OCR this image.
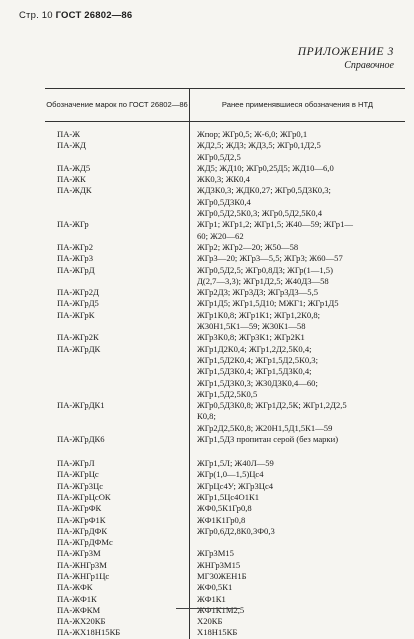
Стр. 10 ГОСТ 26802—86
ПРИЛОЖЕНИЕ 3
Справочное
Обозначение марок по ГОСТ 26802—86	Ранее применявшиеся обозначения в НТД
ПА-Ж	Жпор; ЖГр0,5; Ж-6,0; ЖГр0,1
ПА-ЖД	ЖД2,5; ЖД3; ЖД3,5; ЖГр0,1Д2,5
	ЖГр0,5Д2,5
ПА-ЖД5	ЖД5; ЖД10; ЖГр0,25Д5; ЖД10—6,0
ПА-ЖК	ЖК0,3; ЖК0,4
ПА-ЖДК	ЖД3К0,3; ЖДК0,27; ЖГр0,5Д3К0,3;
	ЖГр0,5Д3К0,4
	ЖГр0,5Д2,5К0,3; ЖГр0,5Д2,5К0,4
ПА-ЖГр	ЖГр1; ЖГр1,2; ЖГр1,5; Ж40—59; ЖГр1—
	60; Ж20—62
ПА-ЖГр2	ЖГр2; ЖГр2—20; Ж50—58
ПА-ЖГр3	ЖГр3—20; ЖГр3—5,5; ЖГр3; Ж60—57
ПА-ЖГрД	ЖГр0,5Д2,5; ЖГр0,8Д3; ЖГр(1—1,5)
	Д(2,7—3,3); ЖГр1Д2,5; Ж40Д3—58
ПА-ЖГр2Д	ЖГр2Д3; ЖГр3Д3; ЖГр3Д3—5,5
ПА-ЖГрД5	ЖГр1Д5; ЖГр1,5Д10; МЖГ1; ЖГр1Д5
ПА-ЖГрК	ЖГр1К0,8; ЖГр1К1; ЖГр1,2К0,8;
	Ж30Н1,5К1—59; Ж30К1—58
ПА-ЖГр2К	ЖГр3К0,8; ЖГр3К1; ЖГр2К1
ПА-ЖГрДК	ЖГр1Д2К0,4; ЖГр1,2Д2,5К0,4;
	ЖГр1,5Д2К0,4; ЖГр1,5Д2,5К0,3;
	ЖГр1,5Д3К0,4; ЖГр1,5Д3К0,4;
	ЖГр1,5Д3К0,3; Ж30Д3К0,4—60;
	ЖГр1,5Д2,5К0,5
ПА-ЖГрДК1	ЖГр0,5Д3К0,8; ЖГр1Д2,5К; ЖГр1,2Д2,5
	К0,8;
	ЖГр2Д2,5К0,8; Ж20Н1,5Д1,5К1—59
ПА-ЖГрДК6	ЖГр1,5Д3 пропитан серой (без марки)
ПА-ЖГрЛ	ЖГр1,5Л; Ж40Л—59
ПА-ЖГрЦс	ЖГр(1,0—1,5)Цс4
ПА-ЖГр3Цс	ЖГрЦс4У; ЖГр3Цс4
ПА-ЖГрЦсОК	ЖГр1,5Цс4О1К1
ПА-ЖГрФК	ЖФ0,5К1Гр0,8
ПА-ЖГрФ1К	ЖФ1К1Гр0,8
ПА-ЖГрДФК	ЖГр0,6Д2,8К0,3Ф0,3
ПА-ЖГрДФМс	
ПА-ЖГр3М	ЖГр3М15
ПА-ЖНГр3М	ЖНГр3М15
ПА-ЖНГр1Цс	МГ30ЖЕН1Б
ПА-ЖФК	ЖФ0,5К1
ПА-ЖФ1К	ЖФ1К1
ПА-ЖФКМ	ЖФ1К1М2,5
ПА-ЖХ20КБ	Х20КБ
ПА-ЖХ18Н15КБ	Х18Н15КБ
